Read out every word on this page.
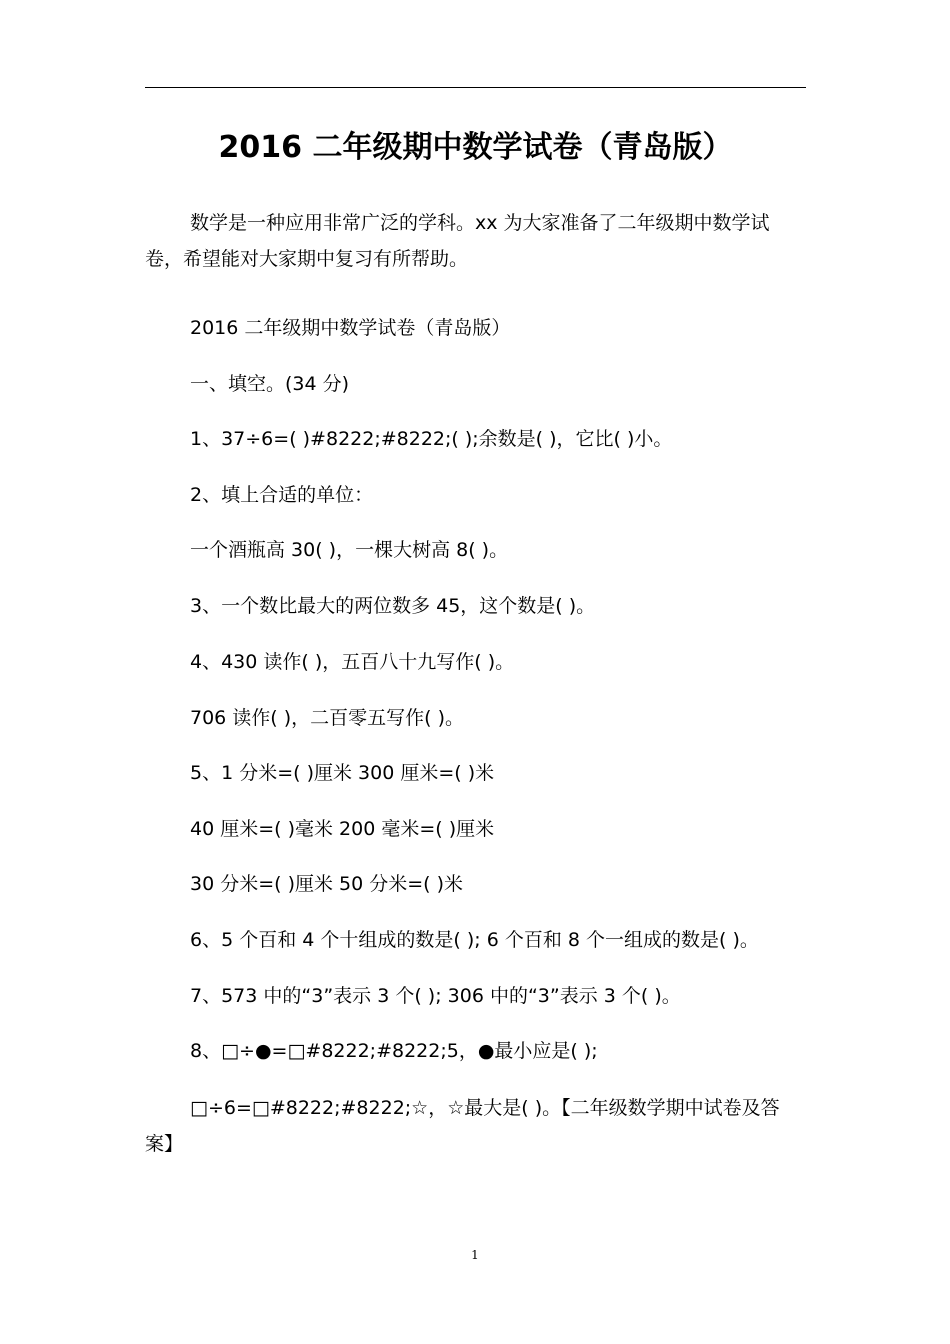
2016 二年级期中数学试卷（青岛版）

数学是一种应用非常广泛的学科。xx 为大家准备了二年级期中数学试卷，希望能对大家期中复习有所帮助。

2016 二年级期中数学试卷（青岛版）
一、填空。(34 分)
1、37÷6=( )#8222;#8222;( );余数是( )，它比( )小。
2、填上合适的单位：
一个酒瓶高 30( )，一棵大树高 8( )。
3、一个数比最大的两位数多 45，这个数是( )。
4、430 读作( )，五百八十九写作( )。
706 读作( )，二百零五写作( )。
5、1 分米=( )厘米 300 厘米=( )米
40 厘米=( )毫米 200 毫米=( )厘米
30 分米=( )厘米 50 分米=( )米
6、5 个百和 4 个十组成的数是( ); 6 个百和 8 个一组成的数是( )。
7、573 中的“3”表示 3 个( ); 306 中的“3”表示 3 个( )。
8、□÷●=□#8222;#8222;5，●最小应是( );

□÷6=□#8222;#8222;☆，☆最大是( )。【二年级数学期中试卷及答案】

1
